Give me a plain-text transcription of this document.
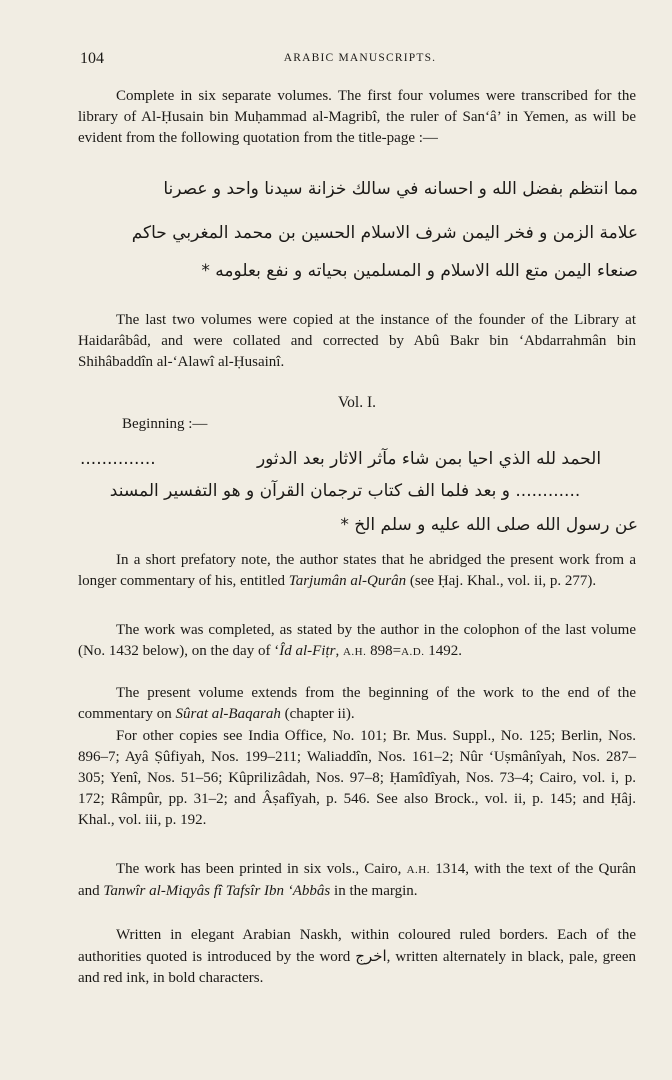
104	ARABIC MANUSCRIPTS.

Complete in six separate volumes. The first four volumes were transcribed for the library of Al-Ḥusain bin Muḥammad al-Magribî, the ruler of San‘â’ in Yemen, as will be evident from the following quotation from the title-page :—

مما انتظم بفضل الله و احسانه في سالك خزانة سيدنا واحد و عصرنا
علامة الزمن و فخر اليمن شرف الاسلام الحسين بن محمد المغربي حاكم
صنعاء اليمن متع الله الاسلام و المسلمين بحياته و نفع بعلومه *

The last two volumes were copied at the instance of the founder of the Library at Haidarâbâd, and were collated and corrected by Abû Bakr bin ‘Abdarrahmân bin Shihâbaddîn al-‘Alawî al-Ḥusainî.

Vol. I.
Beginning :—
..............	الحمد لله الذي احيا بمن شاء مآثر الاثار بعد الدثور
و بعد فلما الف كتاب ترجمان القرآن و هو التفسير المسند ............
عن رسول الله صلى الله عليه و سلم الخ *

In a short prefatory note, the author states that he abridged the present work from a longer commentary of his, entitled Tarjumân al-Qurân (see Ḥaj. Khal., vol. ii, p. 277).

The work was completed, as stated by the author in the colophon of the last volume (No. 1432 below), on the day of ‘Îd al-Fiṭr, A.H. 898=A.D. 1492.

The present volume extends from the beginning of the work to the end of the commentary on Sûrat al-Baqarah (chapter ii).

For other copies see India Office, No. 101; Br. Mus. Suppl., No. 125; Berlin, Nos. 896–7; Ayâ Ṣûfiyah, Nos. 199–211; Waliaddîn, Nos. 161–2; Nûr ‘Uṣmânîyah, Nos. 287–305; Yenî, Nos. 51–56; Kûprilizâdah, Nos. 97–8; Ḥamîdîyah, Nos. 73–4; Cairo, vol. i, p. 172; Râmpûr, pp. 31–2; and Âṣafîyah, p. 546. See also Brock., vol. ii, p. 145; and Ḥâj. Khal., vol. iii, p. 192.

The work has been printed in six vols., Cairo, A.H. 1314, with the text of the Qurân and Tanwîr al-Miqyâs fî Tafsîr Ibn ‘Abbâs in the margin.

Written in elegant Arabian Naskh, within coloured ruled borders. Each of the authorities quoted is introduced by the word اخرج, written alternately in black, pale, green and red ink, in bold characters.
